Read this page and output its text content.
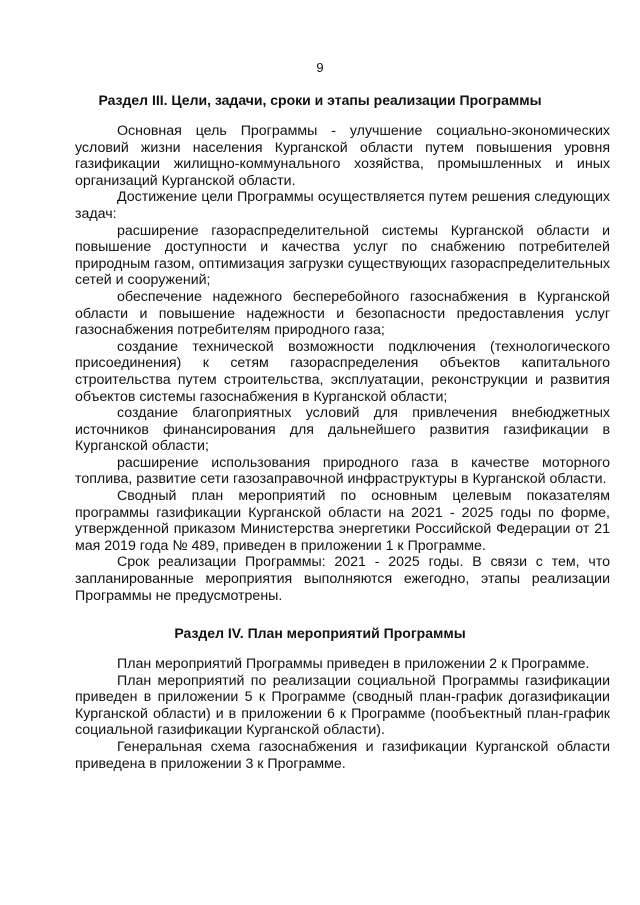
9
Раздел III. Цели, задачи, сроки и этапы реализации Программы

Основная цель Программы - улучшение социально-экономических условий жизни населения Курганской области путем повышения уровня газификации жилищно-коммунального хозяйства, промышленных и иных организаций Курганской области.

Достижение цели Программы осуществляется путем решения следующих задач:

расширение газораспределительной системы Курганской области и повышение доступности и качества услуг по снабжению потребителей природным газом, оптимизация загрузки существующих газораспределительных сетей и сооружений;

обеспечение надежного бесперебойного газоснабжения в Курганской области и повышение надежности и безопасности предоставления услуг газоснабжения потребителям природного газа;

создание технической возможности подключения (технологического присоединения) к сетям газораспределения объектов капитального строительства путем строительства, эксплуатации, реконструкции и развития объектов системы газоснабжения в Курганской области;

создание благоприятных условий для привлечения внебюджетных источников финансирования для дальнейшего развития газификации в Курганской области;

расширение использования природного газа в качестве моторного топлива, развитие сети газозаправочной инфраструктуры в Курганской области.

Сводный план мероприятий по основным целевым показателям программы газификации Курганской области на 2021 - 2025 годы по форме, утвержденной приказом Министерства энергетики Российской Федерации от 21 мая 2019 года № 489, приведен в приложении 1 к Программе.

Срок реализации Программы: 2021 - 2025 годы. В связи с тем, что запланированные мероприятия выполняются ежегодно, этапы реализации Программы не предусмотрены.

Раздел IV. План мероприятий Программы

План мероприятий Программы приведен в приложении 2 к Программе.

План мероприятий по реализации социальной Программы газификации приведен в приложении 5 к Программе (сводный план-график догазификации Курганской области) и в приложении 6 к Программе (пообъектный план-график социальной газификации Курганской области).

Генеральная схема газоснабжения и газификации Курганской области приведена в приложении 3 к Программе.
